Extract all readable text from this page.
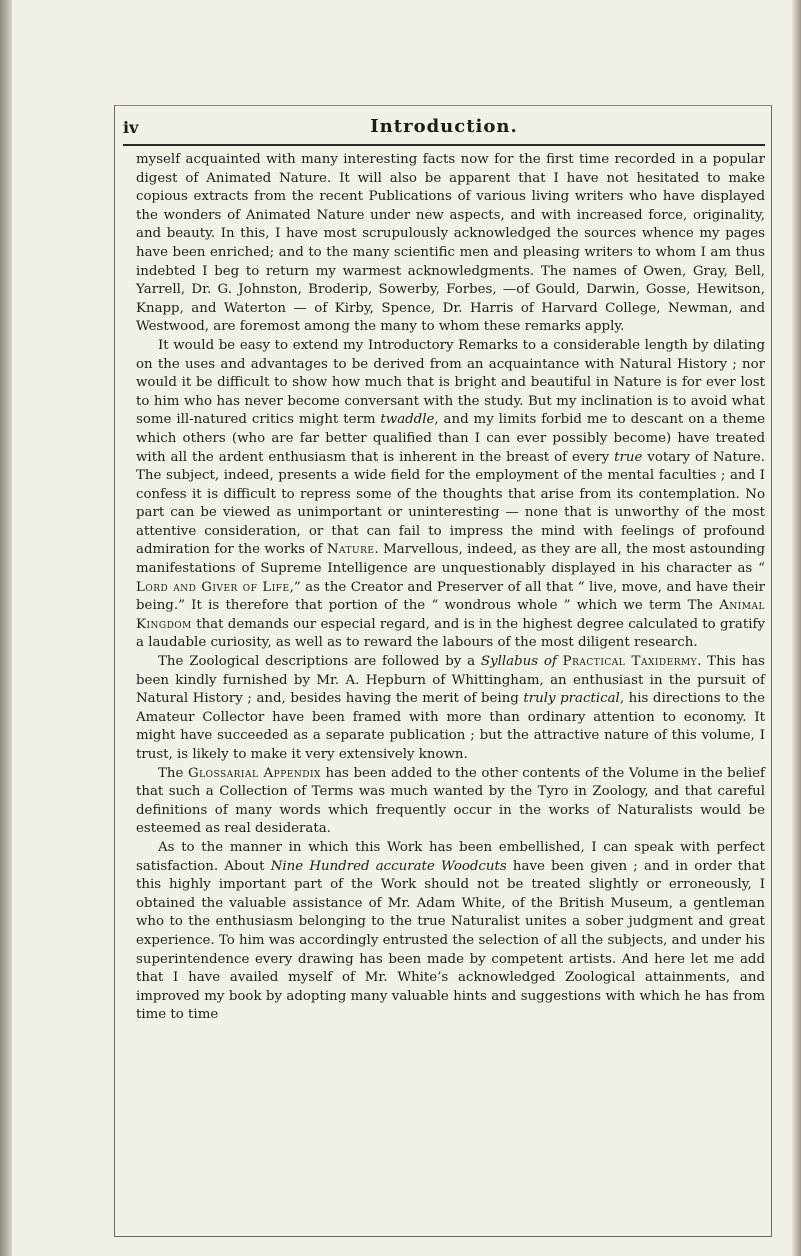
iv	Introduction.

myself acquainted with many interesting facts now for the first time recorded in a popular digest of Animated Nature. It will also be apparent that I have not hesitated to make copious extracts from the recent Publications of various living writers who have displayed the wonders of Animated Nature under new aspects, and with increased force, originality, and beauty. In this, I have most scrupulously acknowledged the sources whence my pages have been enriched; and to the many scientific men and pleasing writers to whom I am thus indebted I beg to return my warmest acknowledgments. The names of Owen, Gray, Bell, Yarrell, Dr. G. Johnston, Broderip, Sowerby, Forbes, —of Gould, Darwin, Gosse, Hewitson, Knapp, and Waterton — of Kirby, Spence, Dr. Harris of Harvard College, Newman, and Westwood, are foremost among the many to whom these remarks apply.

It would be easy to extend my Introductory Remarks to a considerable length by dilating on the uses and advantages to be derived from an acquaintance with Natural History ; nor would it be difficult to show how much that is bright and beautiful in Nature is for ever lost to him who has never become conversant with the study. But my inclination is to avoid what some ill-natured critics might term twaddle, and my limits forbid me to descant on a theme which others (who are far better qualified than I can ever possibly become) have treated with all the ardent enthusiasm that is inherent in the breast of every true votary of Nature. The subject, indeed, presents a wide field for the employment of the mental faculties ; and I confess it is difficult to repress some of the thoughts that arise from its contemplation. No part can be viewed as unimportant or uninteresting — none that is unworthy of the most attentive consideration, or that can fail to impress the mind with feelings of profound admiration for the works of Nature. Marvellous, indeed, as they are all, the most astounding manifestations of Supreme Intelligence are unquestionably displayed in his character as “ Lord and Giver of Life,” as the Creator and Preserver of all that “ live, move, and have their being.” It is therefore that portion of the “ wondrous whole ” which we term The Animal Kingdom that demands our especial regard, and is in the highest degree calculated to gratify a laudable curiosity, as well as to reward the labours of the most diligent research.

The Zoological descriptions are followed by a Syllabus of Practical Taxidermy. This has been kindly furnished by Mr. A. Hepburn of Whittingham, an enthusiast in the pursuit of Natural History ; and, besides having the merit of being truly practical, his directions to the Amateur Collector have been framed with more than ordinary attention to economy. It might have succeeded as a separate publication ; but the attractive nature of this volume, I trust, is likely to make it very extensively known.

The Glossarial Appendix has been added to the other contents of the Volume in the belief that such a Collection of Terms was much wanted by the Tyro in Zoology, and that careful definitions of many words which frequently occur in the works of Naturalists would be esteemed as real desiderata.

As to the manner in which this Work has been embellished, I can speak with perfect satisfaction. About Nine Hundred accurate Woodcuts have been given ; and in order that this highly important part of the Work should not be treated slightly or erroneously, I obtained the valuable assistance of Mr. Adam White, of the British Museum, a gentleman who to the enthusiasm belonging to the true Naturalist unites a sober judgment and great experience. To him was accordingly entrusted the selection of all the subjects, and under his superintendence every drawing has been made by competent artists. And here let me add that I have availed myself of Mr. White’s acknowledged Zoological attainments, and improved my book by adopting many valuable hints and suggestions with which he has from time to time
